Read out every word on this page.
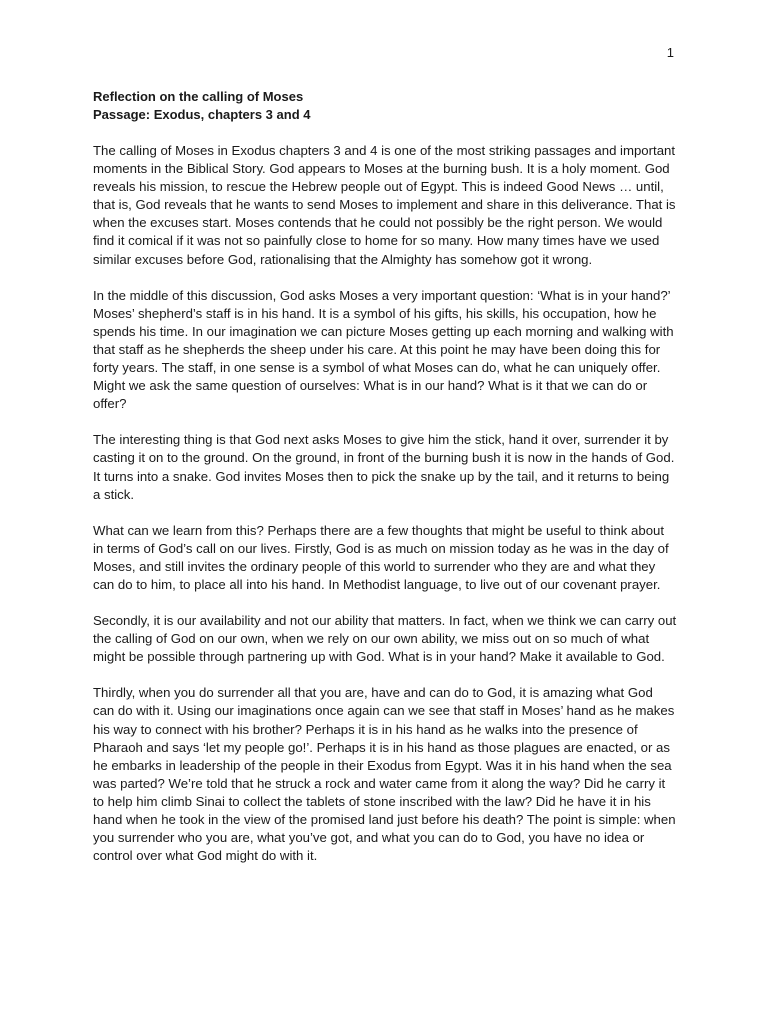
1

Reflection on the calling of Moses

Passage: Exodus, chapters 3 and 4

The calling of Moses in Exodus chapters 3 and 4 is one of the most striking passages and important moments in the Biblical Story. God appears to Moses at the burning bush. It is a holy moment. God reveals his mission, to rescue the Hebrew people out of Egypt. This is indeed Good News … until, that is, God reveals that he wants to send Moses to implement and share in this deliverance. That is when the excuses start. Moses contends that he could not possibly be the right person. We would find it comical if it was not so painfully close to home for so many. How many times have we used similar excuses before God, rationalising that the Almighty has somehow got it wrong.

In the middle of this discussion, God asks Moses a very important question: ‘What is in your hand?’ Moses’ shepherd’s staff is in his hand. It is a symbol of his gifts, his skills, his occupation, how he spends his time. In our imagination we can picture Moses getting up each morning and walking with that staff as he shepherds the sheep under his care. At this point he may have been doing this for forty years. The staff, in one sense is a symbol of what Moses can do, what he can uniquely offer. Might we ask the same question of ourselves: What is in our hand? What is it that we can do or offer?

The interesting thing is that God next asks Moses to give him the stick, hand it over, surrender it by casting it on to the ground. On the ground, in front of the burning bush it is now in the hands of God. It turns into a snake. God invites Moses then to pick the snake up by the tail, and it returns to being a stick.

What can we learn from this? Perhaps there are a few thoughts that might be useful to think about in terms of God’s call on our lives. Firstly, God is as much on mission today as he was in the day of Moses, and still invites the ordinary people of this world to surrender who they are and what they can do to him, to place all into his hand. In Methodist language, to live out of our covenant prayer.

Secondly, it is our availability and not our ability that matters. In fact, when we think we can carry out the calling of God on our own, when we rely on our own ability, we miss out on so much of what might be possible through partnering up with God. What is in your hand? Make it available to God.

Thirdly, when you do surrender all that you are, have and can do to God, it is amazing what God can do with it. Using our imaginations once again can we see that staff in Moses’ hand as he makes his way to connect with his brother? Perhaps it is in his hand as he walks into the presence of Pharaoh and says ‘let my people go!’. Perhaps it is in his hand as those plagues are enacted, or as he embarks in leadership of the people in their Exodus from Egypt. Was it in his hand when the sea was parted? We’re told that he struck a rock and water came from it along the way? Did he carry it to help him climb Sinai to collect the tablets of stone inscribed with the law? Did he have it in his hand when he took in the view of the promised land just before his death? The point is simple: when you surrender who you are, what you’ve got, and what you can do to God, you have no idea or control over what God might do with it.
